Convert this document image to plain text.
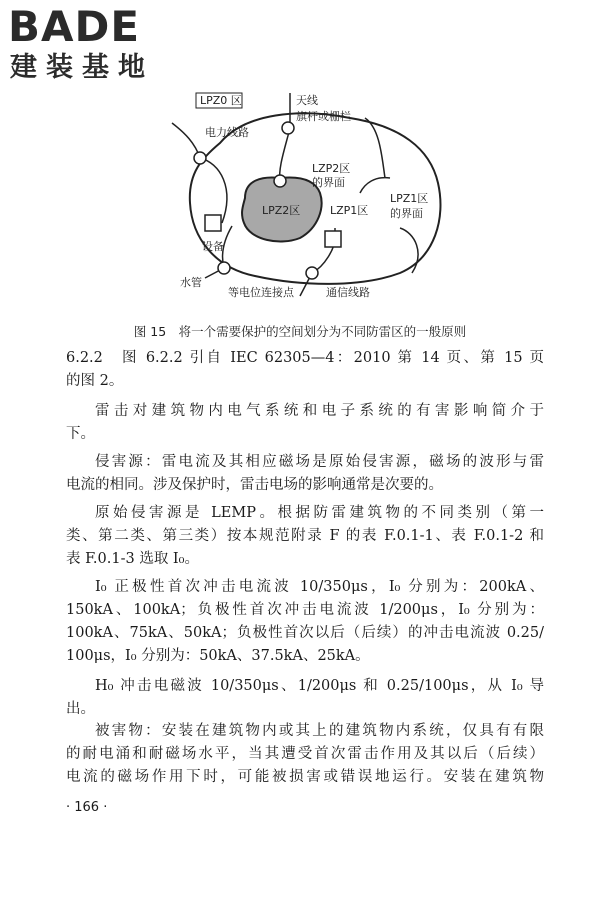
BADE
建装基地
LPZ0 区	天线
旗杆或栅栏
电力线路
LZP2区
的界面
LPZ2区	LZP1区
LPZ1区
的界面
设备
水管
等电位连接点	通信线路
图 15　将一个需要保护的空间划分为不同防雷区的一般原则
6.2.2　图 6.2.2 引自 IEC 62305—4：2010 第 14 页、第 15 页
的图 2。
雷击对建筑物内电气系统和电子系统的有害影响简介于
下。
侵害源：雷电流及其相应磁场是原始侵害源，磁场的波形与雷
电流的相同。涉及保护时，雷击电场的影响通常是次要的。
原始侵害源是 LEMP。根据防雷建筑物的不同类别（第一
类、第二类、第三类）按本规范附录 F 的表 F.0.1-1、表 F.0.1-2 和
表 F.0.1-3 选取 I₀。
I₀ 正极性首次冲击电流波 10/350μs，I₀ 分别为：200kA、
150kA、100kA；负极性首次冲击电流波 1/200μs，I₀ 分别为：
100kA、75kA、50kA；负极性首次以后（后续）的冲击电流波 0.25/
100μs，I₀ 分别为：50kA、37.5kA、25kA。
H₀ 冲击电磁波 10/350μs、1/200μs 和 0.25/100μs，从 I₀ 导
出。
被害物：安装在建筑物内或其上的建筑物内系统，仅具有有限
的耐电涌和耐磁场水平，当其遭受首次雷击作用及其以后（后续）
电流的磁场作用下时，可能被损害或错误地运行。安装在建筑物
· 166 ·
